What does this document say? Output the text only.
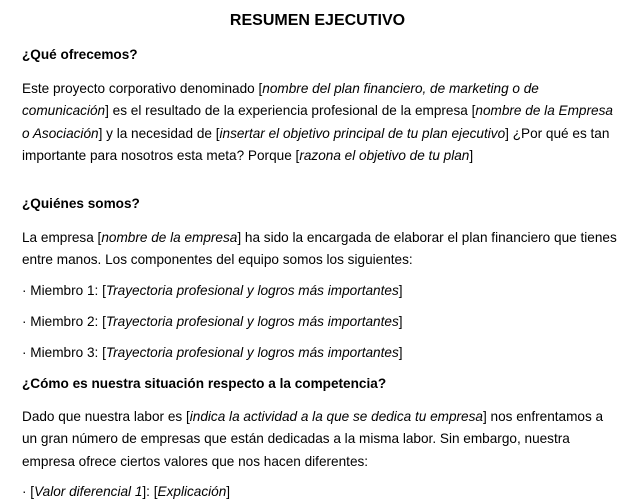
RESUMEN EJECUTIVO
¿Qué ofrecemos?

Este proyecto corporativo denominado [nombre del plan financiero, de marketing o de comunicación] es el resultado de la experiencia profesional de la empresa [nombre de la Empresa o Asociación] y la necesidad de [insertar el objetivo principal de tu plan ejecutivo] ¿Por qué es tan importante para nosotros esta meta? Porque [razona el objetivo de tu plan]

¿Quiénes somos?

La empresa [nombre de la empresa] ha sido la encargada de elaborar el plan financiero que tienes entre manos. Los componentes del equipo somos los siguientes:

· Miembro 1: [Trayectoria profesional y logros más importantes]

· Miembro 2: [Trayectoria profesional y logros más importantes]

· Miembro 3: [Trayectoria profesional y logros más importantes]

¿Cómo es nuestra situación respecto a la competencia?

Dado que nuestra labor es [indica la actividad a la que se dedica tu empresa] nos enfrentamos a un gran número de empresas que están dedicadas a la misma labor. Sin embargo, nuestra empresa ofrece ciertos valores que nos hacen diferentes:

· [Valor diferencial 1]: [Explicación]
